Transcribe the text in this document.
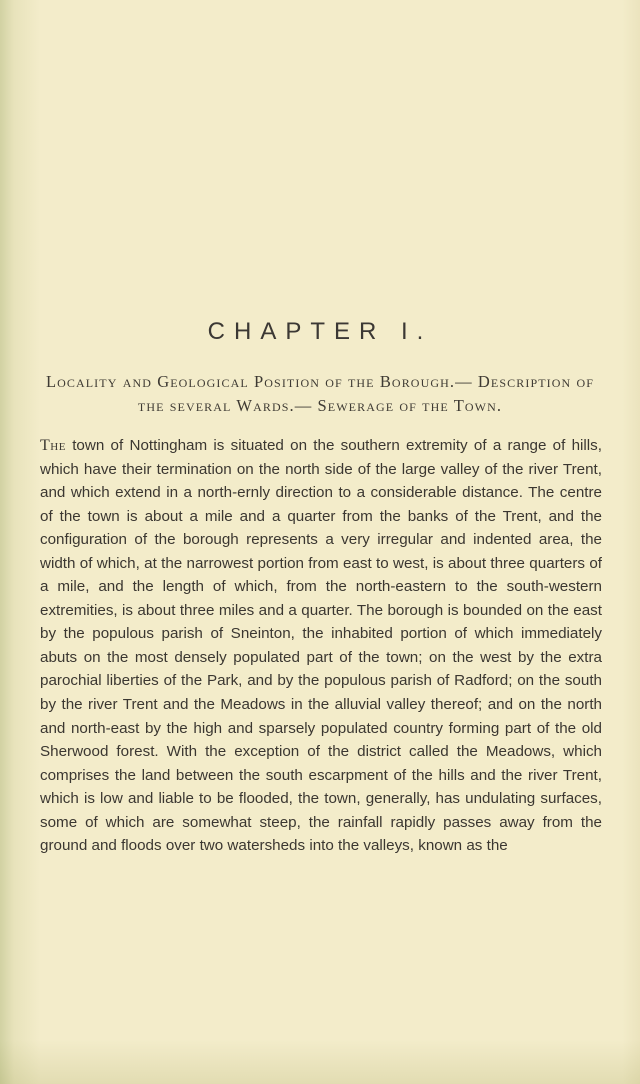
CHAPTER I.

Locality and Geological Position of the Borough.— Description of the several Wards.— Sewerage of the Town.

The town of Nottingham is situated on the southern extremity of a range of hills, which have their termination on the north side of the large valley of the river Trent, and which extend in a north-ernly direction to a considerable distance. The centre of the town is about a mile and a quarter from the banks of the Trent, and the configuration of the borough represents a very irregular and indented area, the width of which, at the narrowest portion from east to west, is about three quarters of a mile, and the length of which, from the north-eastern to the south-western extremities, is about three miles and a quarter. The borough is bounded on the east by the populous parish of Sneinton, the inhabited portion of which immediately abuts on the most densely populated part of the town; on the west by the extra parochial liberties of the Park, and by the populous parish of Radford; on the south by the river Trent and the Meadows in the alluvial valley thereof; and on the north and north-east by the high and sparsely populated country forming part of the old Sherwood forest. With the exception of the district called the Meadows, which comprises the land between the south escarpment of the hills and the river Trent, which is low and liable to be flooded, the town, generally, has undulating surfaces, some of which are somewhat steep, the rainfall rapidly passes away from the ground and floods over two watersheds into the valleys, known as the
